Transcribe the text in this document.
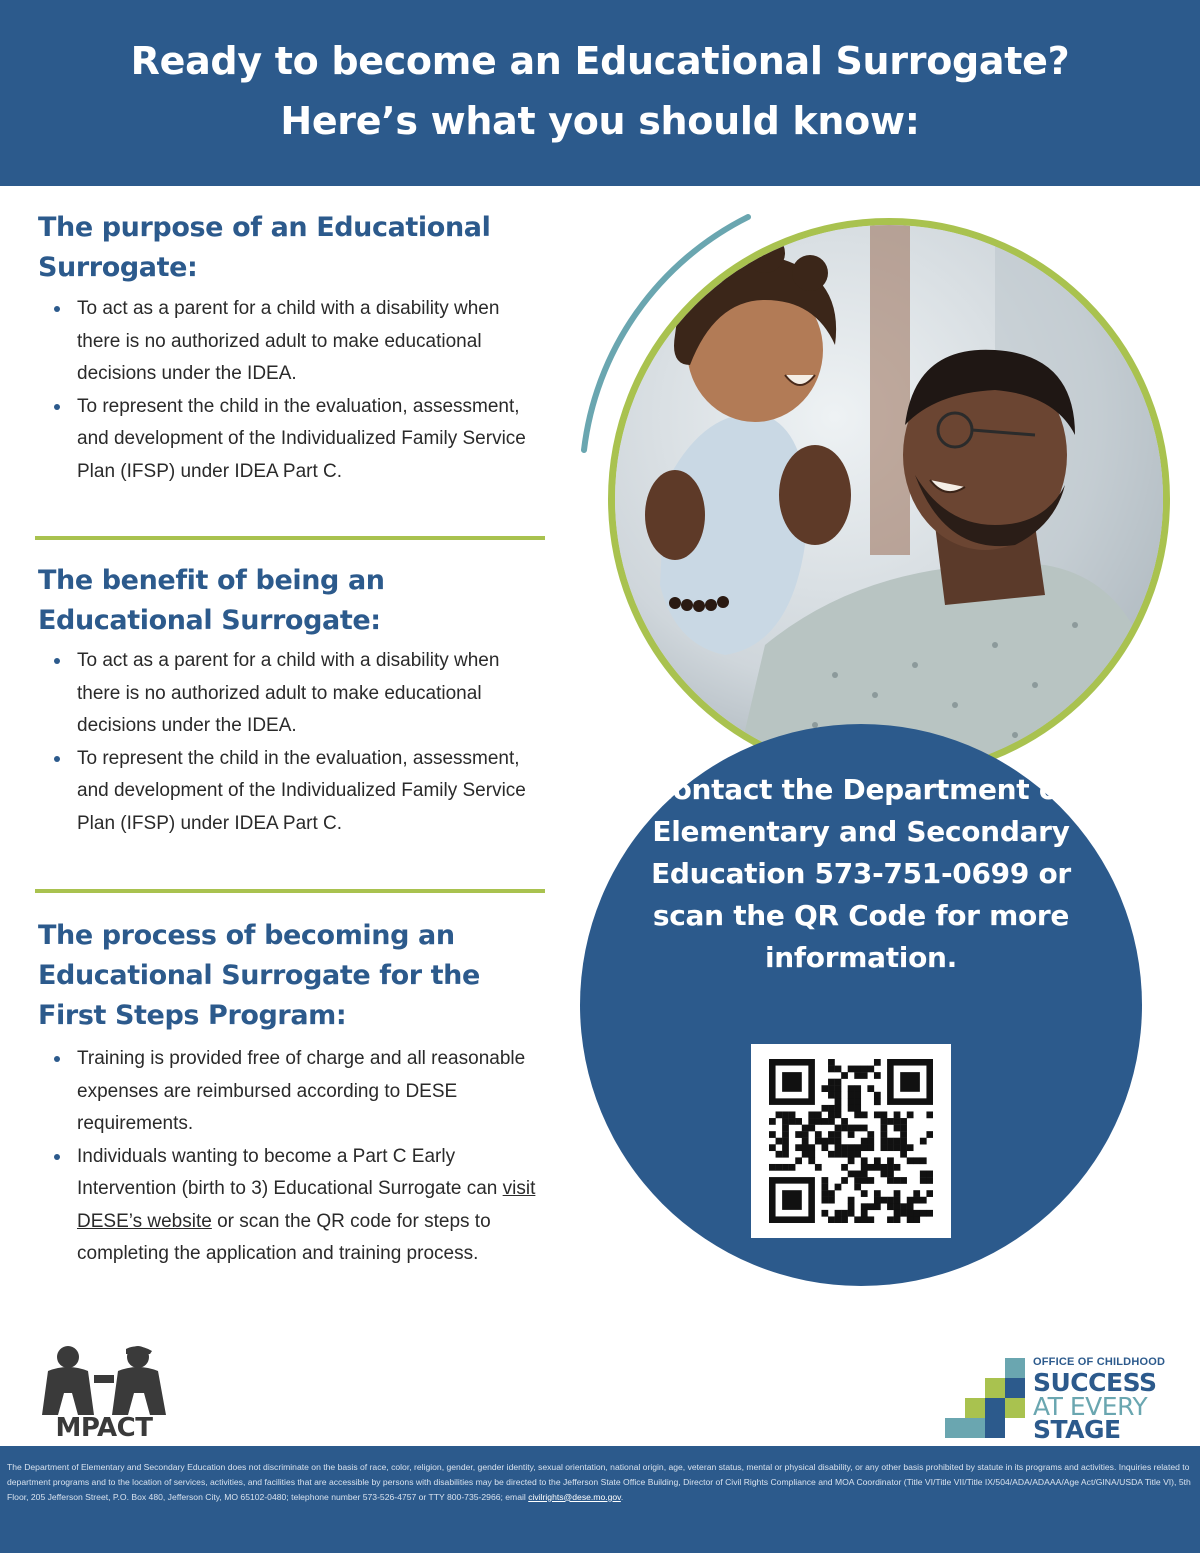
Ready to become an Educational Surrogate?
Here’s what you should know:
The purpose of an Educational Surrogate:
To act as a parent for a child with a disability when there is no authorized adult to make educational decisions under the IDEA.
To represent the child in the evaluation, assessment, and development of the Individualized Family Service Plan (IFSP) under IDEA Part C.
The benefit of being an Educational Surrogate:
To act as a parent for a child with a disability when there is no authorized adult to make educational decisions under the IDEA.
To represent the child in the evaluation, assessment, and development of the Individualized Family Service Plan (IFSP) under IDEA Part C.
The process of becoming an Educational Surrogate for the First Steps Program:
Training is provided free of charge and all reasonable expenses are reimbursed according to DESE requirements.
Individuals wanting to become a Part C Early Intervention (birth to 3) Educational Surrogate can visit DESE’s website or scan the QR code for steps to completing the application and training process.
Contact the Department of Elementary and Secondary Education 573-751-0699 or scan the QR Code for more information.
MPACT
OFFICE OF CHILDHOOD
SUCCESS
AT EVERY
STAGE
The Department of Elementary and Secondary Education does not discriminate on the basis of race, color, religion, gender, gender identity, sexual orientation, national origin, age, veteran status, mental or physical disability, or any other basis prohibited by statute in its programs and activities. Inquiries related to department programs and to the location of services, activities, and facilities that are accessible by persons with disabilities may be directed to the Jefferson State Office Building, Director of Civil Rights Compliance and MOA Coordinator (Title VI/Title VII/Title IX/504/ADA/ADAAA/Age Act/GINA/USDA Title VI), 5th Floor, 205 Jefferson Street, P.O. Box 480, Jefferson City, MO 65102-0480; telephone number 573-526-4757 or TTY 800-735-2966; email civilrights@dese.mo.gov.
